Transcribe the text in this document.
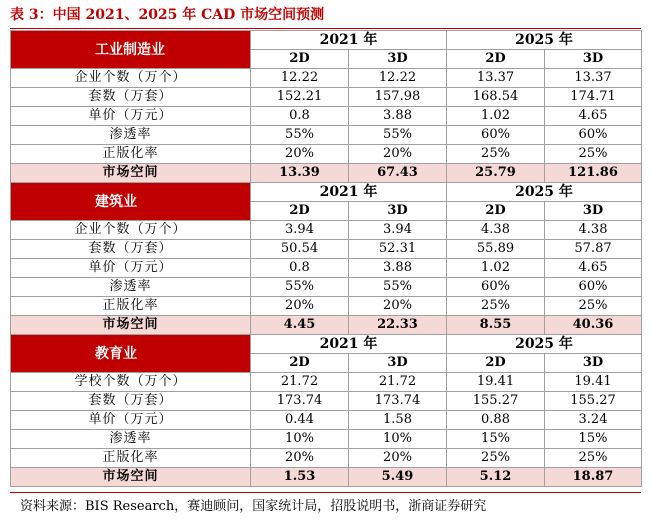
表 3：中国 2021、2025 年 CAD 市场空间预测
工业制造业	2021 年		2025 年	
	2D	3D	2D	3D
企业个数（万个）	12.22	12.22	13.37	13.37
套数（万套）	152.21	157.98	168.54	174.71
单价（万元）	0.8	3.88	1.02	4.65
渗透率	55%	55%	60%	60%
正版化率	20%	20%	25%	25%
市场空间	13.39	67.43	25.79	121.86
建筑业	2021 年		2025 年	
	2D	3D	2D	3D
企业个数（万个）	3.94	3.94	4.38	4.38
套数（万套）	50.54	52.31	55.89	57.87
单价（万元）	0.8	3.88	1.02	4.65
渗透率	55%	55%	60%	60%
正版化率	20%	20%	25%	25%
市场空间	4.45	22.33	8.55	40.36
教育业	2021 年		2025 年	
	2D	3D	2D	3D
学校个数（万个）	21.72	21.72	19.41	19.41
套数（万套）	173.74	173.74	155.27	155.27
单价（万元）	0.44	1.58	0.88	3.24
渗透率	10%	10%	15%	15%
正版化率	20%	20%	25%	25%
市场空间	1.53	5.49	5.12	18.87
资料来源：BIS Research，赛迪顾问，国家统计局，招股说明书，浙商证券研究
